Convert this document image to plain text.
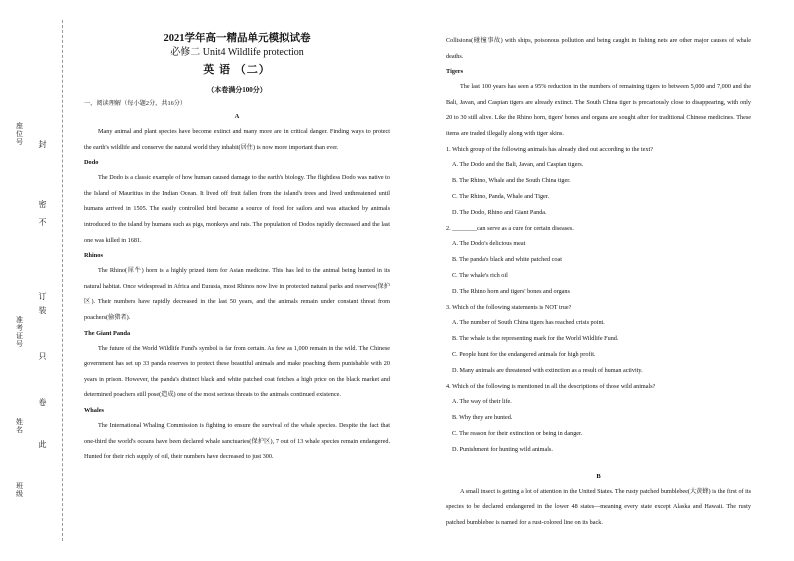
封
密
不
订
装
只
卷
此
座位号
准考证号
姓名
班级
2021学年高一精品单元模拟试卷
必修二 Unit4 Wildlife protection
英 语 （二）
（本卷满分100分）
一、阅读理解（每小题2分，共16分）
A

Many animal and plant species have become extinct and many more are in critical danger. Finding ways to protect the earth's wildlife and conserve the natural world they inhabit(居住) is now more important than ever.

Dodo

The Dodo is a classic example of how human caused damage to the earth's biology. The flightless Dodo was native to the Island of Mauritius in the Indian Ocean. It lived off fruit fallen from the island's trees and lived unthreatened until humans arrived in 1505. The easily controlled bird became a source of food for sailors and was attacked by animals introduced to the island by humans such as pigs, monkeys and rats. The population of Dodos rapidly decreased and the last one was killed in 1681.

Rhinos

The Rhino(犀牛) horn is a highly prized item for Asian medicine. This has led to the animal being hunted in its natural habitat. Once widespread in Africa and Eurasia, most Rhinos now live in protected natural parks and reserves(保护区). Their numbers have rapidly decreased in the last 50 years, and the animals remain under constant threat from poachers(偷猎者).

The Giant Panda

The future of the World Wildlife Fund's symbol is far from certain. As few as 1,000 remain in the wild. The Chinese government has set up 33 panda reserves to protect these beautiful animals and make poaching them punishable with 20 years in prison. However, the panda's distinct black and white patched coat fetches a high price on the black market and determined poachers still pose(造成) one of the most serious threats to the animals continued existence.

Whales

The International Whaling Commission is fighting to ensure the survival of the whale species. Despite the fact that one-third the world's oceans have been declared whale sanctuaries(保护区), 7 out of 13 whale species remain endangered. Hunted for their rich supply of oil, their numbers have decreased to just 300.

Collisions(碰撞事故) with ships, poisonous pollution and being caught in fishing nets are other major causes of whale deaths.

Tigers

The last 100 years has seen a 95% reduction in the numbers of remaining tigers to between 5,000 and 7,000 and the Bali, Javan, and Caspian tigers are already extinct. The South China tiger is precariously close to disappearing, with only 20 to 30 still alive. Like the Rhino horn, tigers' bones and organs are sought after for traditional Chinese medicines. These items are traded illegally along with tiger skins.

1. Which group of the following animals has already died out according to the text?

A. The Dodo and the Bali, Javan, and Caspian tigers.

B. The Rhino, Whale and the South China tiger.

C. The Rhino, Panda, Whale and Tiger.

D. The Dodo, Rhino and Giant Panda.

2. ________can serve as a cure for certain diseases.

A. The Dodo's delicious meat

B. The panda's black and white patched coat

C. The whale's rich oil

D. The Rhino horn and tigers' bones and organs

3. Which of the following statements is NOT true?

A. The number of South China tigers has reached crisis point.

B. The whale is the representing mark for the World Wildlife Fund.

C. People hunt for the endangered animals for high profit.

D. Many animals are threatened with extinction as a result of human activity.

4. Which of the following is mentioned in all the descriptions of those wild animals?

A. The way of their life.

B. Why they are hunted.

C. The reason for their extinction or being in danger.

D. Punishment for hunting wild animals.

B

A small insect is getting a lot of attention in the United States. The rusty patched bumblebee(大黄蜂) is the first of its species to be declared endangered in the lower 48 states—meaning every state except Alaska and Hawaii. The rusty patched bumblebee is named for a rust-colored line on its back.
